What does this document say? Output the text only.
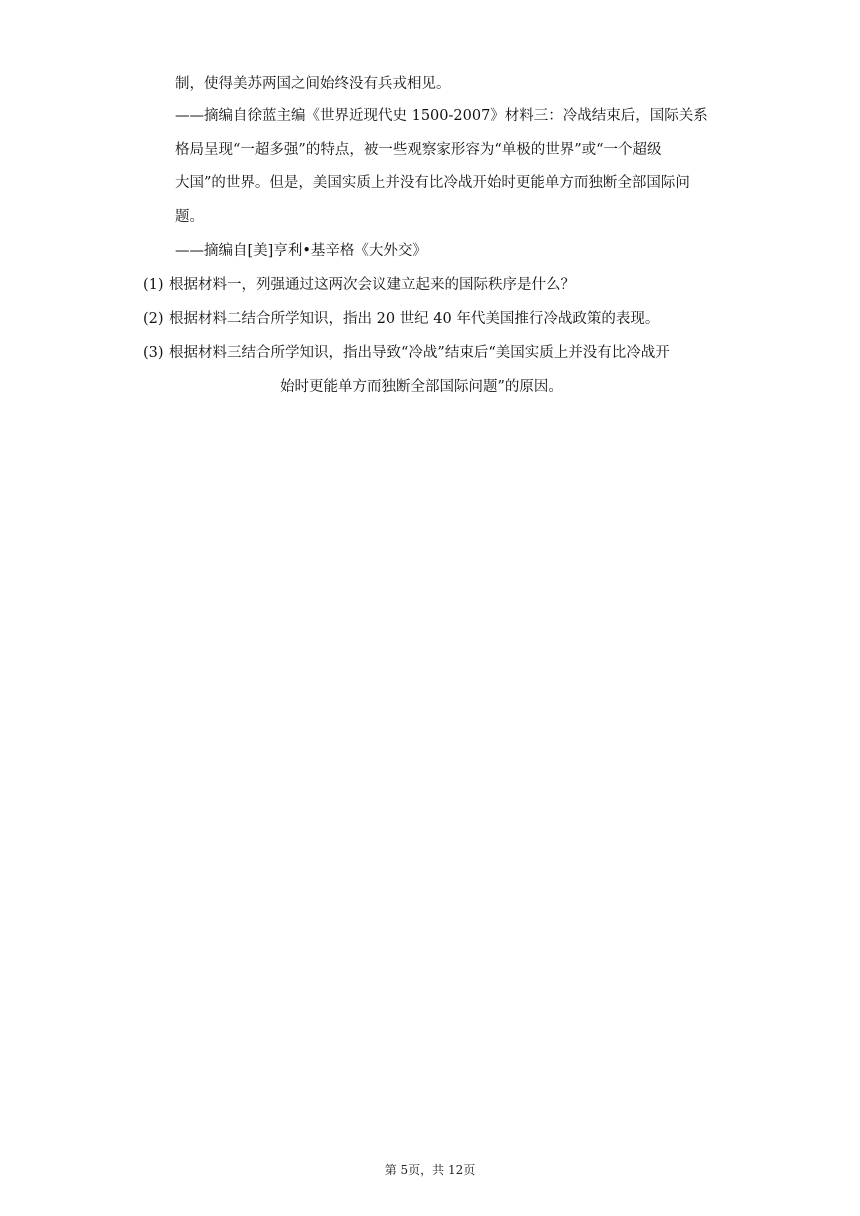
制，使得美苏两国之间始终没有兵戎相见。
——摘编自徐蓝主编《世界近现代史 1500-2007》材料三：冷战结束后，国际关系
格局呈现“一超多强”的特点，被一些观察家形容为“单极的世界”或“一个超级
大国”的世界。但是，美国实质上并没有比冷战开始时更能单方而独断全部国际问
题。
——摘编自[美]亨利•基辛格《大外交》
(1) 根据材料一，列强通过这两次会议建立起来的国际秩序是什么？
(2) 根据材料二结合所学知识，指出 20 世纪 40 年代美国推行冷战政策的表现。
(3) 根据材料三结合所学知识，指出导致“冷战”结束后“美国实质上并没有比冷战开
始时更能单方而独断全部国际问题”的原因。
第 5页，共 12页
